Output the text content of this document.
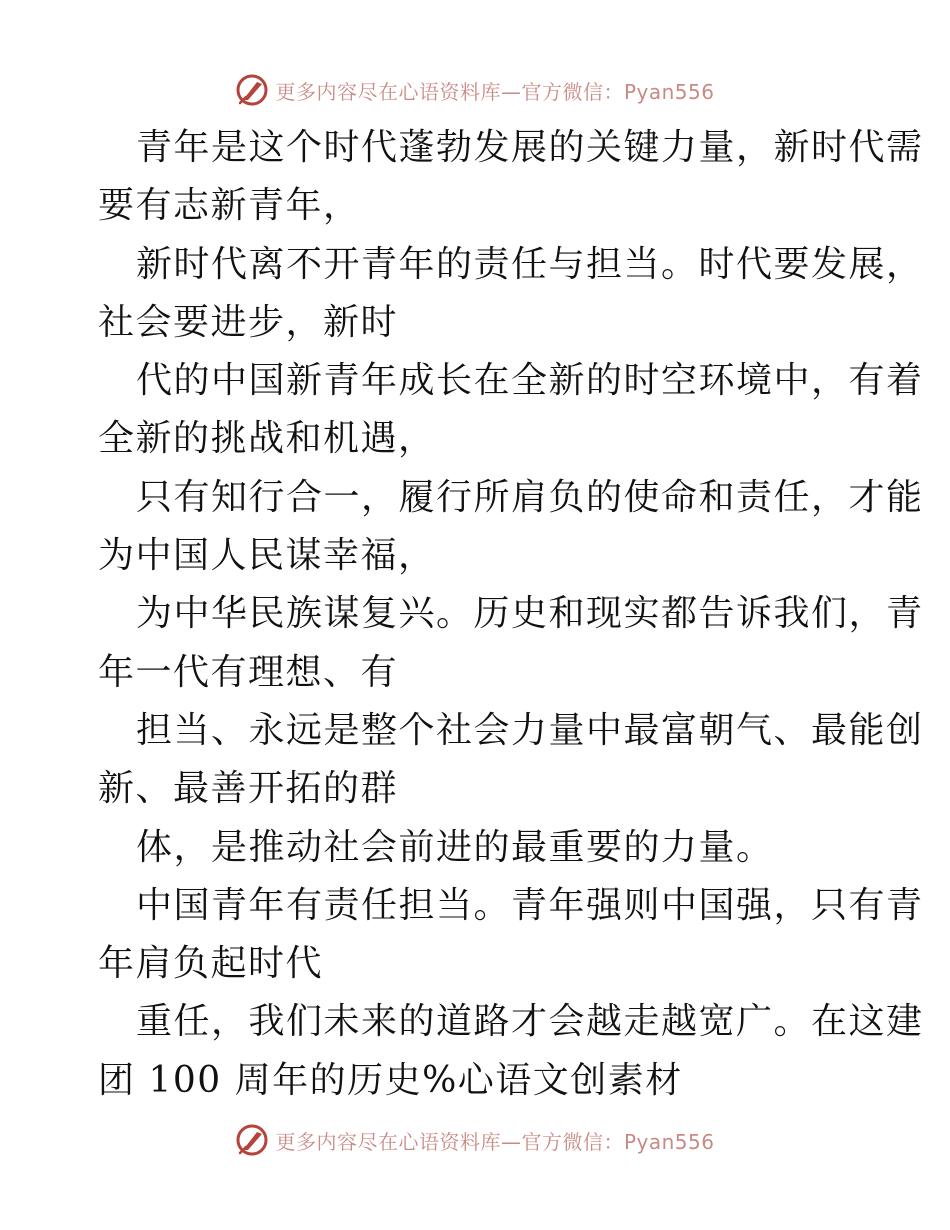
更多内容尽在心语资料库—官方微信：Pyan556
青年是这个时代蓬勃发展的关键力量，新时代需
要有志新青年，
新时代离不开青年的责任与担当。时代要发展，
社会要进步，新时
代的中国新青年成长在全新的时空环境中，有着
全新的挑战和机遇，
只有知行合一，履行所肩负的使命和责任，才能
为中国人民谋幸福，
为中华民族谋复兴。历史和现实都告诉我们，青
年一代有理想、有
担当、永远是整个社会力量中最富朝气、最能创
新、最善开拓的群
体，是推动社会前进的最重要的力量。
中国青年有责任担当。青年强则中国强，只有青
年肩负起时代
重任，我们未来的道路才会越走越宽广。在这建
团 100 周年的历史%心语文创素材
更多内容尽在心语资料库—官方微信：Pyan556
